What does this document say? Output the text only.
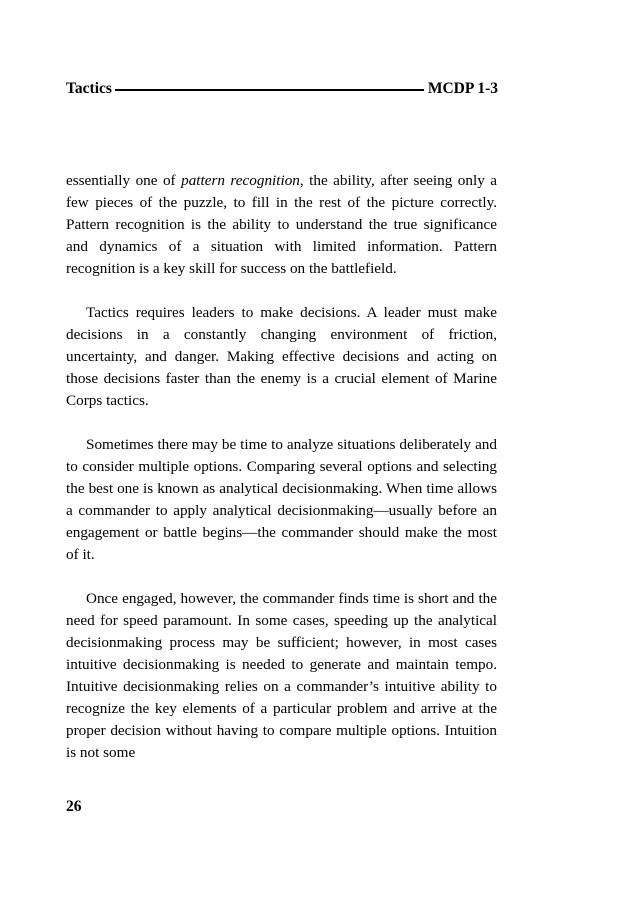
Tactics	MCDP 1-3

essentially one of pattern recognition, the ability, after seeing only a few pieces of the puzzle, to fill in the rest of the picture correctly. Pattern recognition is the ability to understand the true significance and dynamics of a situation with limited information. Pattern recognition is a key skill for success on the battlefield.

Tactics requires leaders to make decisions. A leader must make decisions in a constantly changing environment of friction, uncertainty, and danger. Making effective decisions and acting on those decisions faster than the enemy is a crucial element of Marine Corps tactics.

Sometimes there may be time to analyze situations deliberately and to consider multiple options. Comparing several options and selecting the best one is known as analytical decisionmaking. When time allows a commander to apply analytical decisionmaking—usually before an engagement or battle begins—the commander should make the most of it.

Once engaged, however, the commander finds time is short and the need for speed paramount. In some cases, speeding up the analytical decisionmaking process may be sufficient; however, in most cases intuitive decisionmaking is needed to generate and maintain tempo. Intuitive decisionmaking relies on a commander’s intuitive ability to recognize the key elements of a particular problem and arrive at the proper decision without having to compare multiple options. Intuition is not some

26
